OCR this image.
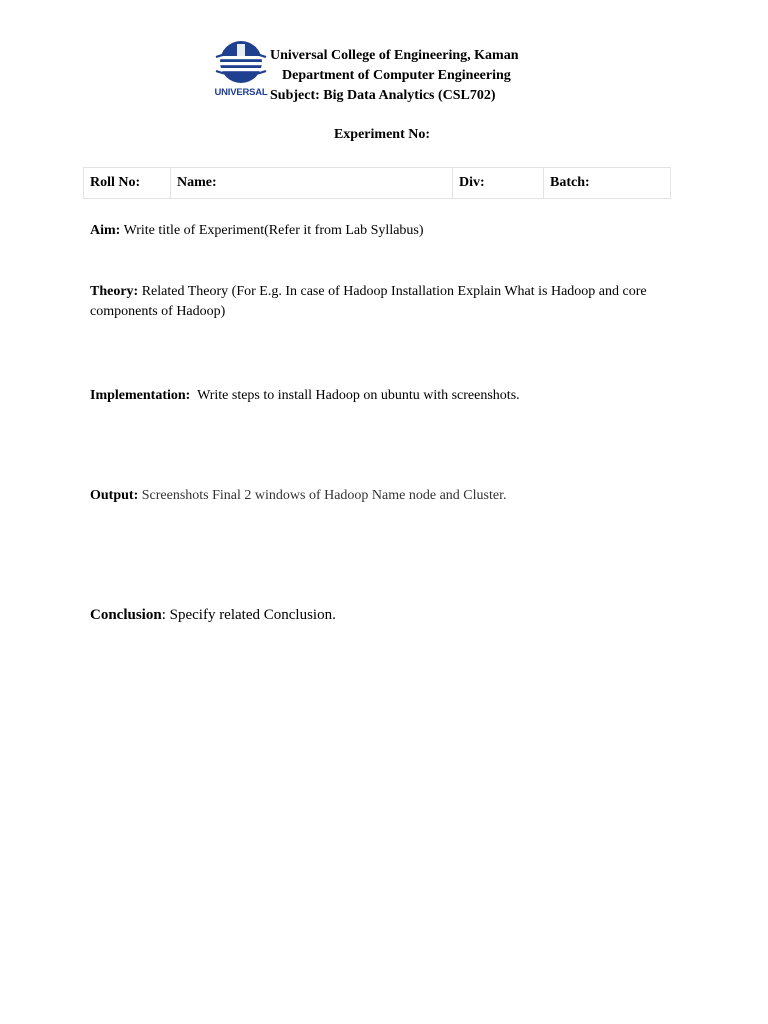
UNIVERSAL
Universal College of Engineering, Kaman
Department of Computer Engineering
Subject: Big Data Analytics (CSL702)
Experiment No:
Roll No:	Name:	Div:	Batch:
Aim: Write title of Experiment(Refer it from Lab Syllabus)
Theory: Related Theory (For E.g. In case of Hadoop Installation Explain What is Hadoop and core components of Hadoop)
Implementation:  Write steps to install Hadoop on ubuntu with screenshots.
Output: Screenshots Final 2 windows of Hadoop Name node and Cluster.
Conclusion: Specify related Conclusion.
